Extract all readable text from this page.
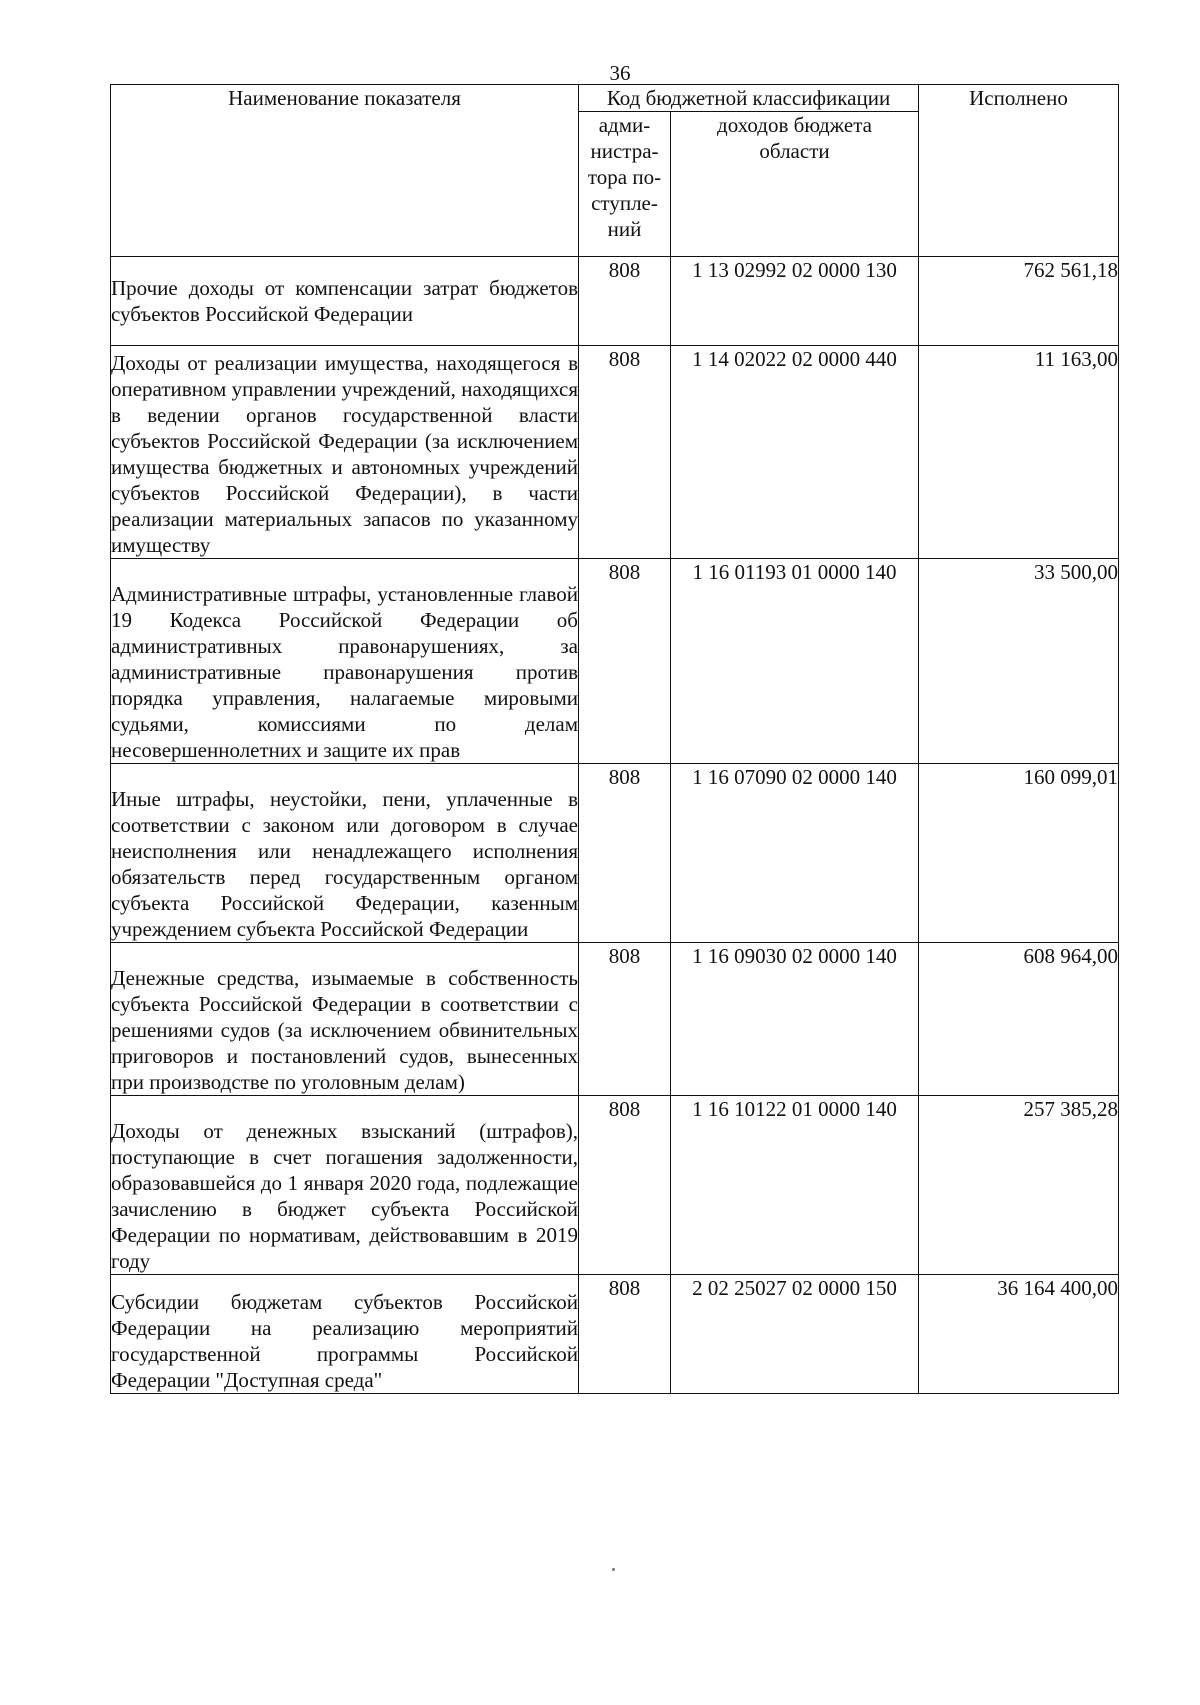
36
Наименование показателя	Код бюджетной классификации		Исполнено

	адми-
нистра-
тора по-
ступле-
ний	доходов бюджета
области	

Прочие доходы от компенсации затрат бюджетов субъектов Российской Федерации	808	1 13 02992 02 0000 130	762 561,18
Доходы от реализации имущества, находящегося в оперативном управлении учреждений, находящихся в ведении органов государственной власти субъектов Российской Федерации (за исключением имущества бюджетных и автономных учреждений субъектов Российской Федерации), в части реализации материальных запасов по указанному имуществу	808	1 14 02022 02 0000 440	11 163,00
Административные штрафы, установленные главой 19 Кодекса Российской Федерации об административных правонарушениях, за административные правонарушения против порядка управления, налагаемые мировыми судьями, комиссиями по делам несовершеннолетних и защите их прав	808	1 16 01193 01 0000 140	33 500,00
Иные штрафы, неустойки, пени, уплаченные в соответствии с законом или договором в случае неисполнения или ненадлежащего исполнения обязательств перед государственным органом субъекта Российской Федерации, казенным учреждением субъекта Российской Федерации	808	1 16 07090 02 0000 140	160 099,01
Денежные средства, изымаемые в собственность субъекта Российской Федерации в соответствии с решениями судов (за исключением обвинительных приговоров и постановлений судов, вынесенных при производстве по уголовным делам)	808	1 16 09030 02 0000 140	608 964,00
Доходы от денежных взысканий (штрафов), поступающие в счет погашения задолженности, образовавшейся до 1 января 2020 года, подлежащие зачислению в бюджет субъекта Российской Федерации по нормативам, действовавшим в 2019 году	808	1 16 10122 01 0000 140	257 385,28
Субсидии бюджетам субъектов Российской Федерации на реализацию мероприятий государственной программы Российской Федерации "Доступная среда"	808	2 02 25027 02 0000 150	36 164 400,00
